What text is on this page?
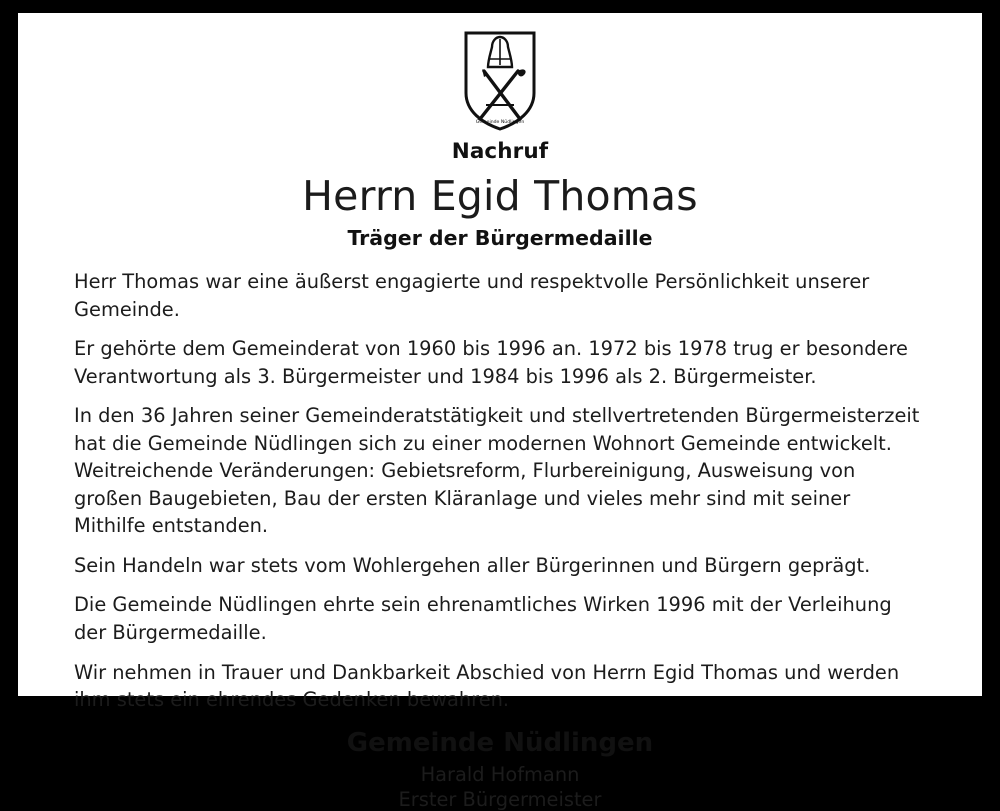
Gemeinde Nüdlingen
Nachruf
Herrn Egid Thomas
Träger der Bürgermedaille

Herr Thomas war eine äußerst engagierte und respektvolle Persönlichkeit unserer Gemeinde.

Er gehörte dem Gemeinderat von 1960 bis 1996 an. 1972 bis 1978 trug er besondere Verantwortung als 3. Bürgermeister und 1984 bis 1996 als 2. Bürgermeister.

In den 36 Jahren seiner Gemeinderatstätigkeit und stellvertretenden Bürgermeisterzeit hat die Gemeinde Nüdlingen sich zu einer modernen Wohnort Gemeinde entwickelt. Weitreichende Veränderungen: Gebietsreform, Flurbereinigung, Ausweisung von großen Baugebieten, Bau der ersten Kläranlage und vieles mehr sind mit seiner Mithilfe entstanden.

Sein Handeln war stets vom Wohlergehen aller Bürgerinnen und Bürgern geprägt.

Die Gemeinde Nüdlingen ehrte sein ehrenamtliches Wirken 1996 mit der Verleihung der Bürgermedaille.

Wir nehmen in Trauer und Dankbarkeit Abschied von Herrn Egid Thomas und werden ihm stets ein ehrendes Gedenken bewahren.

Gemeinde Nüdlingen
Harald Hofmann
Erster Bürgermeister
